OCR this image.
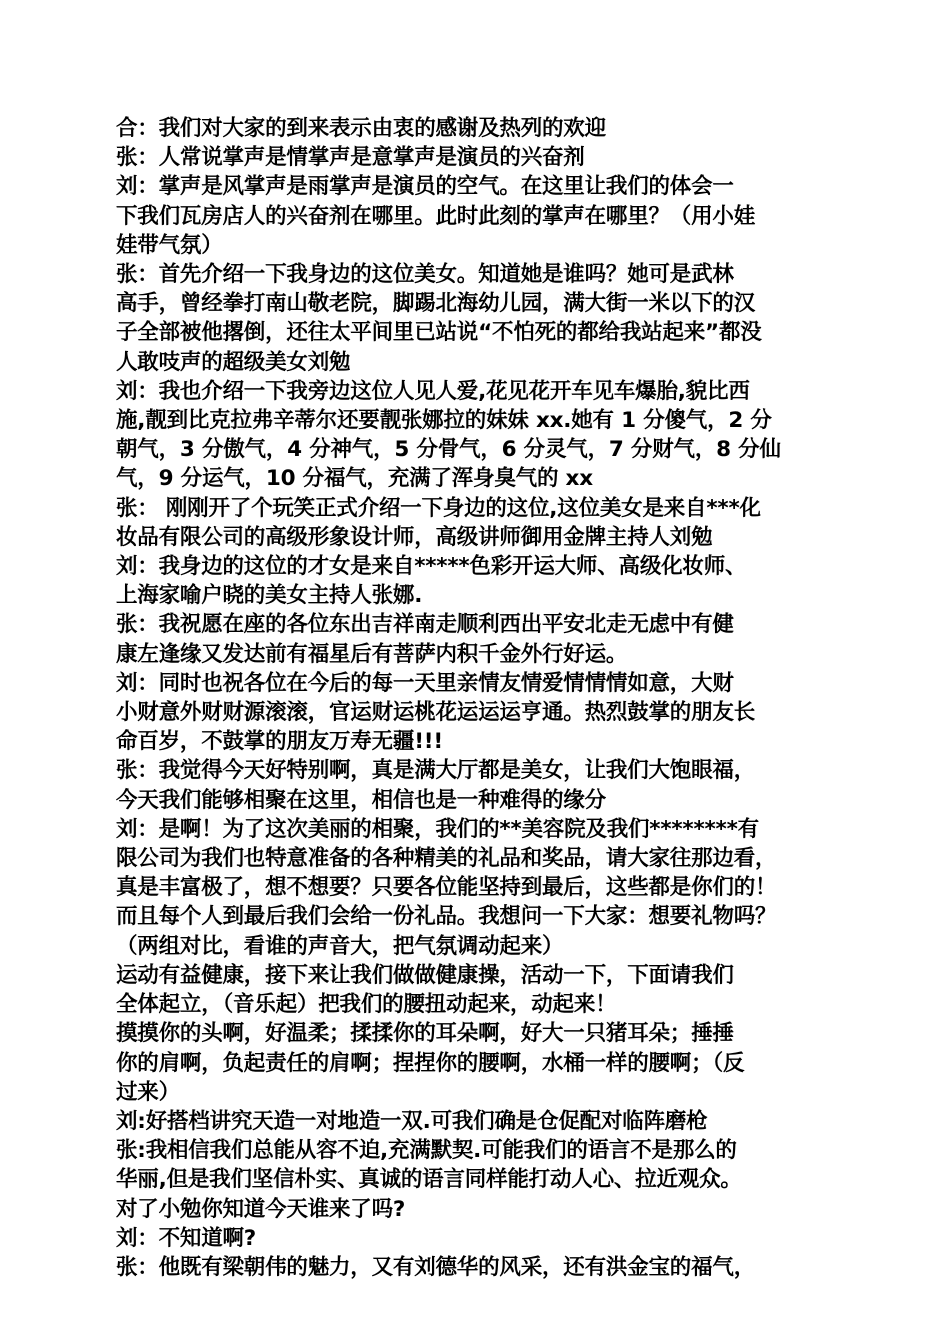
合：我们对大家的到来表示由衷的感谢及热列的欢迎
张：人常说掌声是情掌声是意掌声是演员的兴奋剂
刘：掌声是风掌声是雨掌声是演员的空气。在这里让我们的体会一
下我们瓦房店人的兴奋剂在哪里。此时此刻的掌声在哪里？（用小娃
娃带气氛）
张：首先介绍一下我身边的这位美女。知道她是谁吗？她可是武林
高手，曾经拳打南山敬老院，脚踢北海幼儿园，满大街一米以下的汉
子全部被他撂倒，还往太平间里已站说“不怕死的都给我站起来”都没
人敢吱声的超级美女刘勉
刘：我也介绍一下我旁边这位人见人爱,花见花开车见车爆胎,貌比西
施,靓到比克拉弗辛蒂尔还要靓张娜拉的妹妹 xx.她有 1 分傻气，2 分
朝气，3 分傲气，4 分神气，5 分骨气，6 分灵气，7 分财气，8 分仙
气，9 分运气，10 分福气，充满了浑身臭气的 xx
张： 刚刚开了个玩笑正式介绍一下身边的这位,这位美女是来自***化
妆品有限公司的高级形象设计师，高级讲师御用金牌主持人刘勉
刘：我身边的这位的才女是来自*****色彩开运大师、高级化妆师、
上海家喻户晓的美女主持人张娜.
张：我祝愿在座的各位东出吉祥南走顺利西出平安北走无虑中有健
康左逢缘又发达前有福星后有菩萨内积千金外行好运。
刘：同时也祝各位在今后的每一天里亲情友情爱情情情如意，大财
小财意外财财源滚滚，官运财运桃花运运运亨通。热烈鼓掌的朋友长
命百岁，不鼓掌的朋友万寿无疆!!!
张：我觉得今天好特别啊，真是满大厅都是美女，让我们大饱眼福，
今天我们能够相聚在这里，相信也是一种难得的缘分
刘：是啊！为了这次美丽的相聚，我们的**美容院及我们********有
限公司为我们也特意准备的各种精美的礼品和奖品，请大家往那边看，
真是丰富极了，想不想要？只要各位能坚持到最后，这些都是你们的！
而且每个人到最后我们会给一份礼品。我想问一下大家：想要礼物吗？
（两组对比，看谁的声音大，把气氛调动起来）
运动有益健康，接下来让我们做做健康操，活动一下，下面请我们
全体起立，（音乐起）把我们的腰扭动起来，动起来！
摸摸你的头啊，好温柔；揉揉你的耳朵啊，好大一只猪耳朵；捶捶
你的肩啊，负起责任的肩啊；捏捏你的腰啊，水桶一样的腰啊；（反
过来）
刘:好搭档讲究天造一对地造一双.可我们确是仓促配对临阵磨枪
张:我相信我们总能从容不迫,充满默契.可能我们的语言不是那么的
华丽,但是我们坚信朴实、真诚的语言同样能打动人心、拉近观众。
对了小勉你知道今天谁来了吗?
刘：不知道啊?
张：他既有梁朝伟的魅力，又有刘德华的风采，还有洪金宝的福气，
